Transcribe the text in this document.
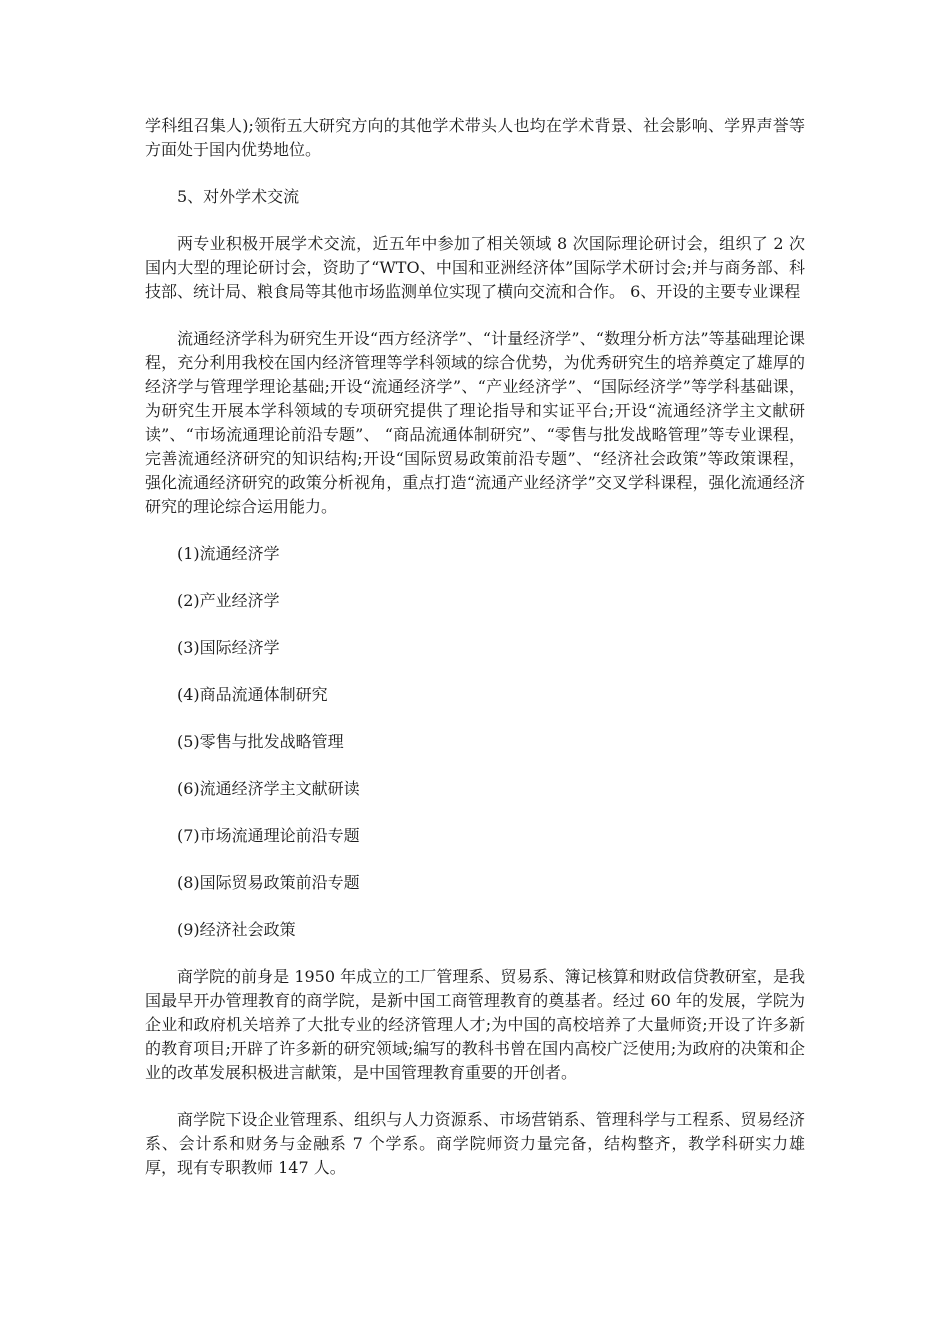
学科组召集人);领衔五大研究方向的其他学术带头人也均在学术背景、社会影响、学界声誉等方面处于国内优势地位。

5、对外学术交流

两专业积极开展学术交流，近五年中参加了相关领域 8 次国际理论研讨会，组织了 2 次国内大型的理论研讨会，资助了“WTO、中国和亚洲经济体”国际学术研讨会;并与商务部、科技部、统计局、粮食局等其他市场监测单位实现了横向交流和合作。 6、开设的主要专业课程

流通经济学科为研究生开设“西方经济学”、“计量经济学”、“数理分析方法”等基础理论课程，充分利用我校在国内经济管理等学科领域的综合优势，为优秀研究生的培养奠定了雄厚的经济学与管理学理论基础;开设“流通经济学”、“产业经济学”、“国际经济学”等学科基础课，为研究生开展本学科领域的专项研究提供了理论指导和实证平台;开设“流通经济学主文献研读”、“市场流通理论前沿专题”、 “商品流通体制研究”、“零售与批发战略管理”等专业课程，完善流通经济研究的知识结构;开设“国际贸易政策前沿专题”、“经济社会政策”等政策课程，强化流通经济研究的政策分析视角，重点打造“流通产业经济学”交叉学科课程，强化流通经济研究的理论综合运用能力。

(1)流通经济学

(2)产业经济学

(3)国际经济学

(4)商品流通体制研究

(5)零售与批发战略管理

(6)流通经济学主文献研读

(7)市场流通理论前沿专题

(8)国际贸易政策前沿专题

(9)经济社会政策

商学院的前身是 1950 年成立的工厂管理系、贸易系、簿记核算和财政信贷教研室，是我国最早开办管理教育的商学院，是新中国工商管理教育的奠基者。经过 60 年的发展，学院为企业和政府机关培养了大批专业的经济管理人才;为中国的高校培养了大量师资;开设了许多新的教育项目;开辟了许多新的研究领域;编写的教科书曾在国内高校广泛使用;为政府的决策和企业的改革发展积极进言献策，是中国管理教育重要的开创者。

商学院下设企业管理系、组织与人力资源系、市场营销系、管理科学与工程系、贸易经济系、会计系和财务与金融系 7 个学系。商学院师资力量完备，结构整齐，教学科研实力雄厚，现有专职教师 147 人。
